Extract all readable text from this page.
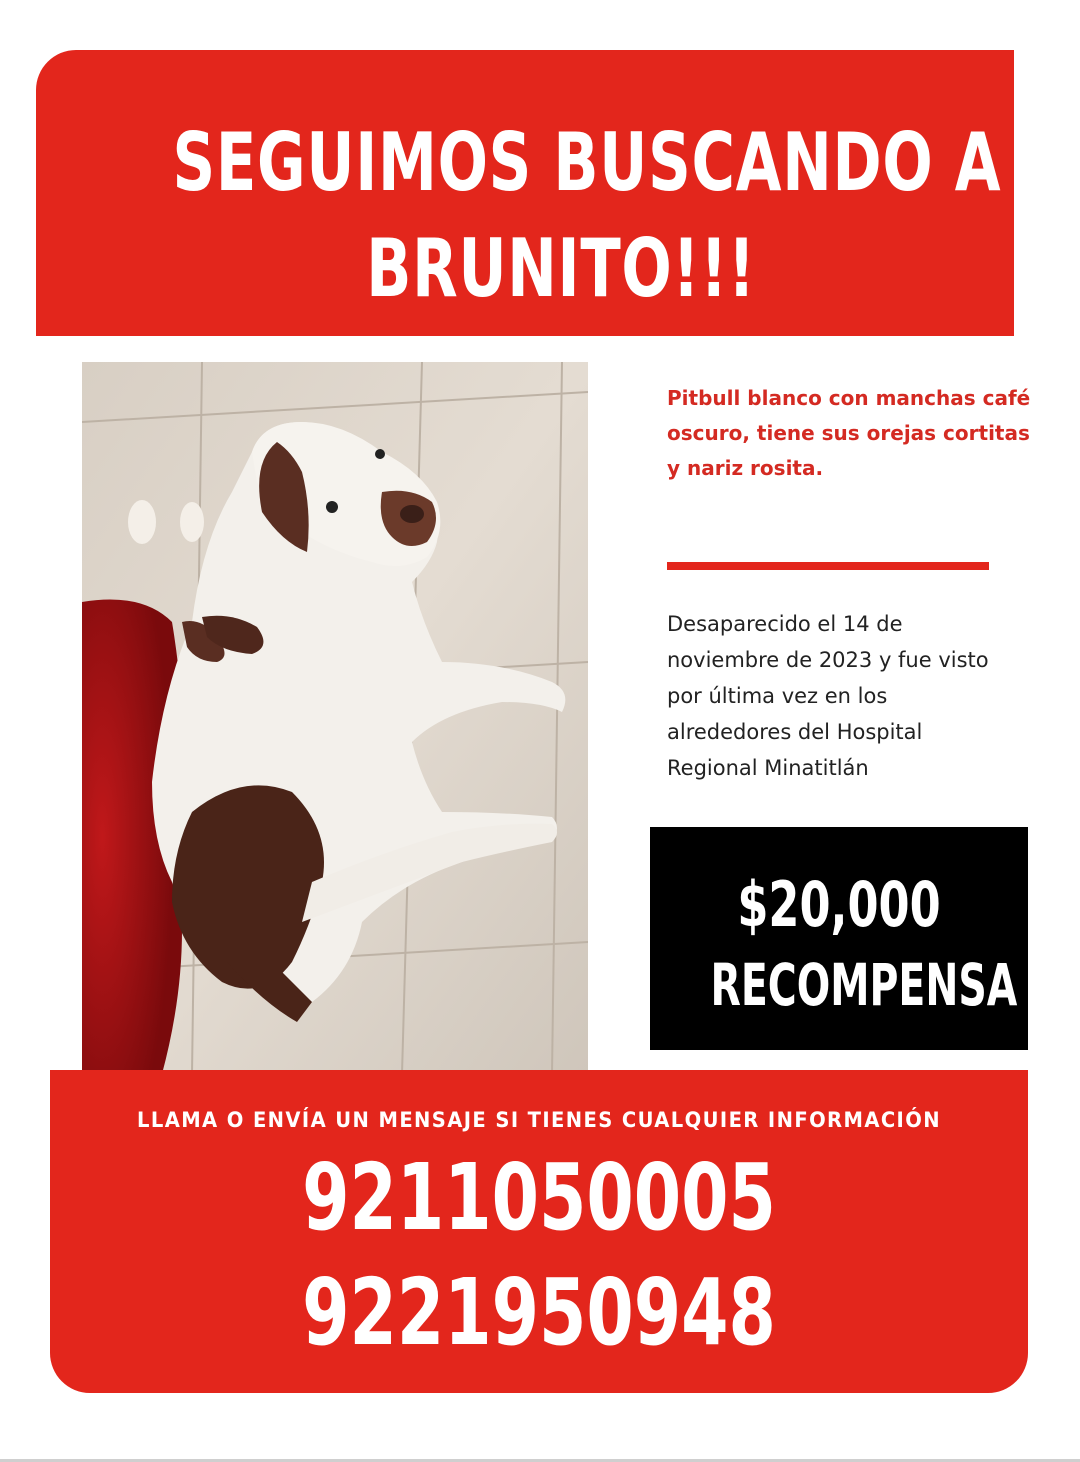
SEGUIMOS BUSCANDO A
BRUNITO!!!

Pitbull blanco con manchas café oscuro, tiene sus orejas cortitas y nariz rosita.

Desaparecido el 14 de noviembre de 2023 y fue visto por última vez en los alrededores del Hospital Regional Minatitlán

$20,000
RECOMPENSA
LLAMA O ENVÍA UN MENSAJE SI TIENES CUALQUIER INFORMACIÓN
9211050005
9221950948
